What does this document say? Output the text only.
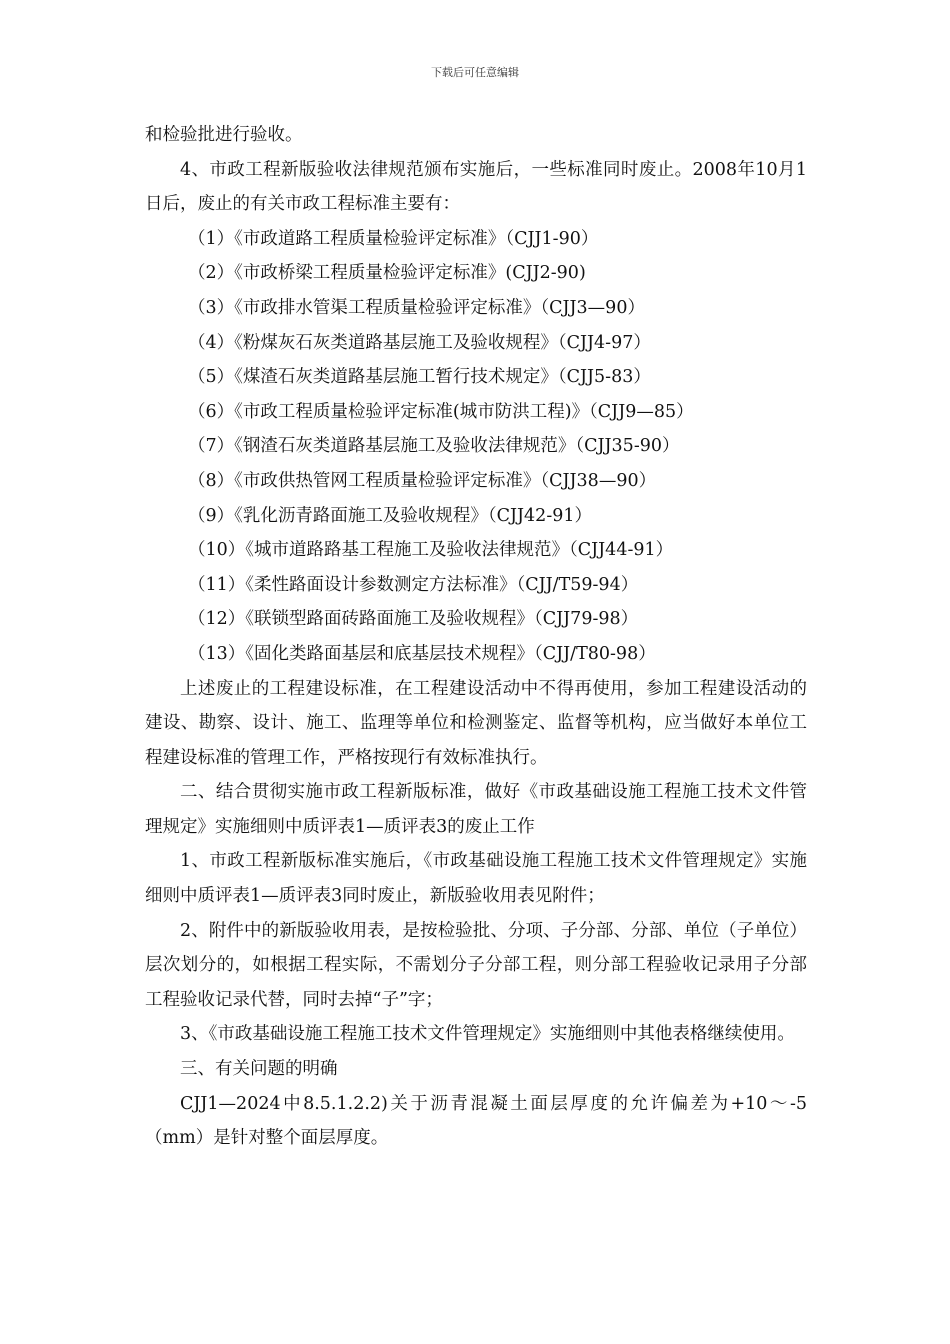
下载后可任意编辑

和检验批进行验收。

4、市政工程新版验收法律规范颁布实施后，一些标准同时废止。2008年10月1日后，废止的有关市政工程标准主要有：

（1）《市政道路工程质量检验评定标准》（CJJ1-90）
（2）《市政桥梁工程质量检验评定标准》(CJJ2-90)
（3）《市政排水管渠工程质量检验评定标准》（CJJ3—90）
（4）《粉煤灰石灰类道路基层施工及验收规程》（CJJ4-97）
（5）《煤渣石灰类道路基层施工暂行技术规定》（CJJ5-83）
（6）《市政工程质量检验评定标准(城市防洪工程)》（CJJ9—85）
（7）《钢渣石灰类道路基层施工及验收法律规范》（CJJ35-90）
（8）《市政供热管网工程质量检验评定标准》（CJJ38—90）
（9）《乳化沥青路面施工及验收规程》（CJJ42-91）
（10）《城市道路路基工程施工及验收法律规范》（CJJ44-91）
（11）《柔性路面设计参数测定方法标准》（CJJ/T59-94）
（12）《联锁型路面砖路面施工及验收规程》（CJJ79-98）
（13）《固化类路面基层和底基层技术规程》（CJJ/T80-98）

上述废止的工程建设标准，在工程建设活动中不得再使用，参加工程建设活动的建设、勘察、设计、施工、监理等单位和检测鉴定、监督等机构，应当做好本单位工程建设标准的管理工作，严格按现行有效标准执行。

二、结合贯彻实施市政工程新版标准，做好《市政基础设施工程施工技术文件管理规定》实施细则中质评表1—质评表3的废止工作

1、市政工程新版标准实施后，《市政基础设施工程施工技术文件管理规定》实施细则中质评表1—质评表3同时废止，新版验收用表见附件；

2、附件中的新版验收用表，是按检验批、分项、子分部、分部、单位（子单位）层次划分的，如根据工程实际，不需划分子分部工程，则分部工程验收记录用子分部工程验收记录代替，同时去掉“子”字；

3、《市政基础设施工程施工技术文件管理规定》实施细则中其他表格继续使用。

三、有关问题的明确

CJJ1—2024中8.5.1.2.2)关于沥青混凝土面层厚度的允许偏差为+10～-5（mm）是针对整个面层厚度。
